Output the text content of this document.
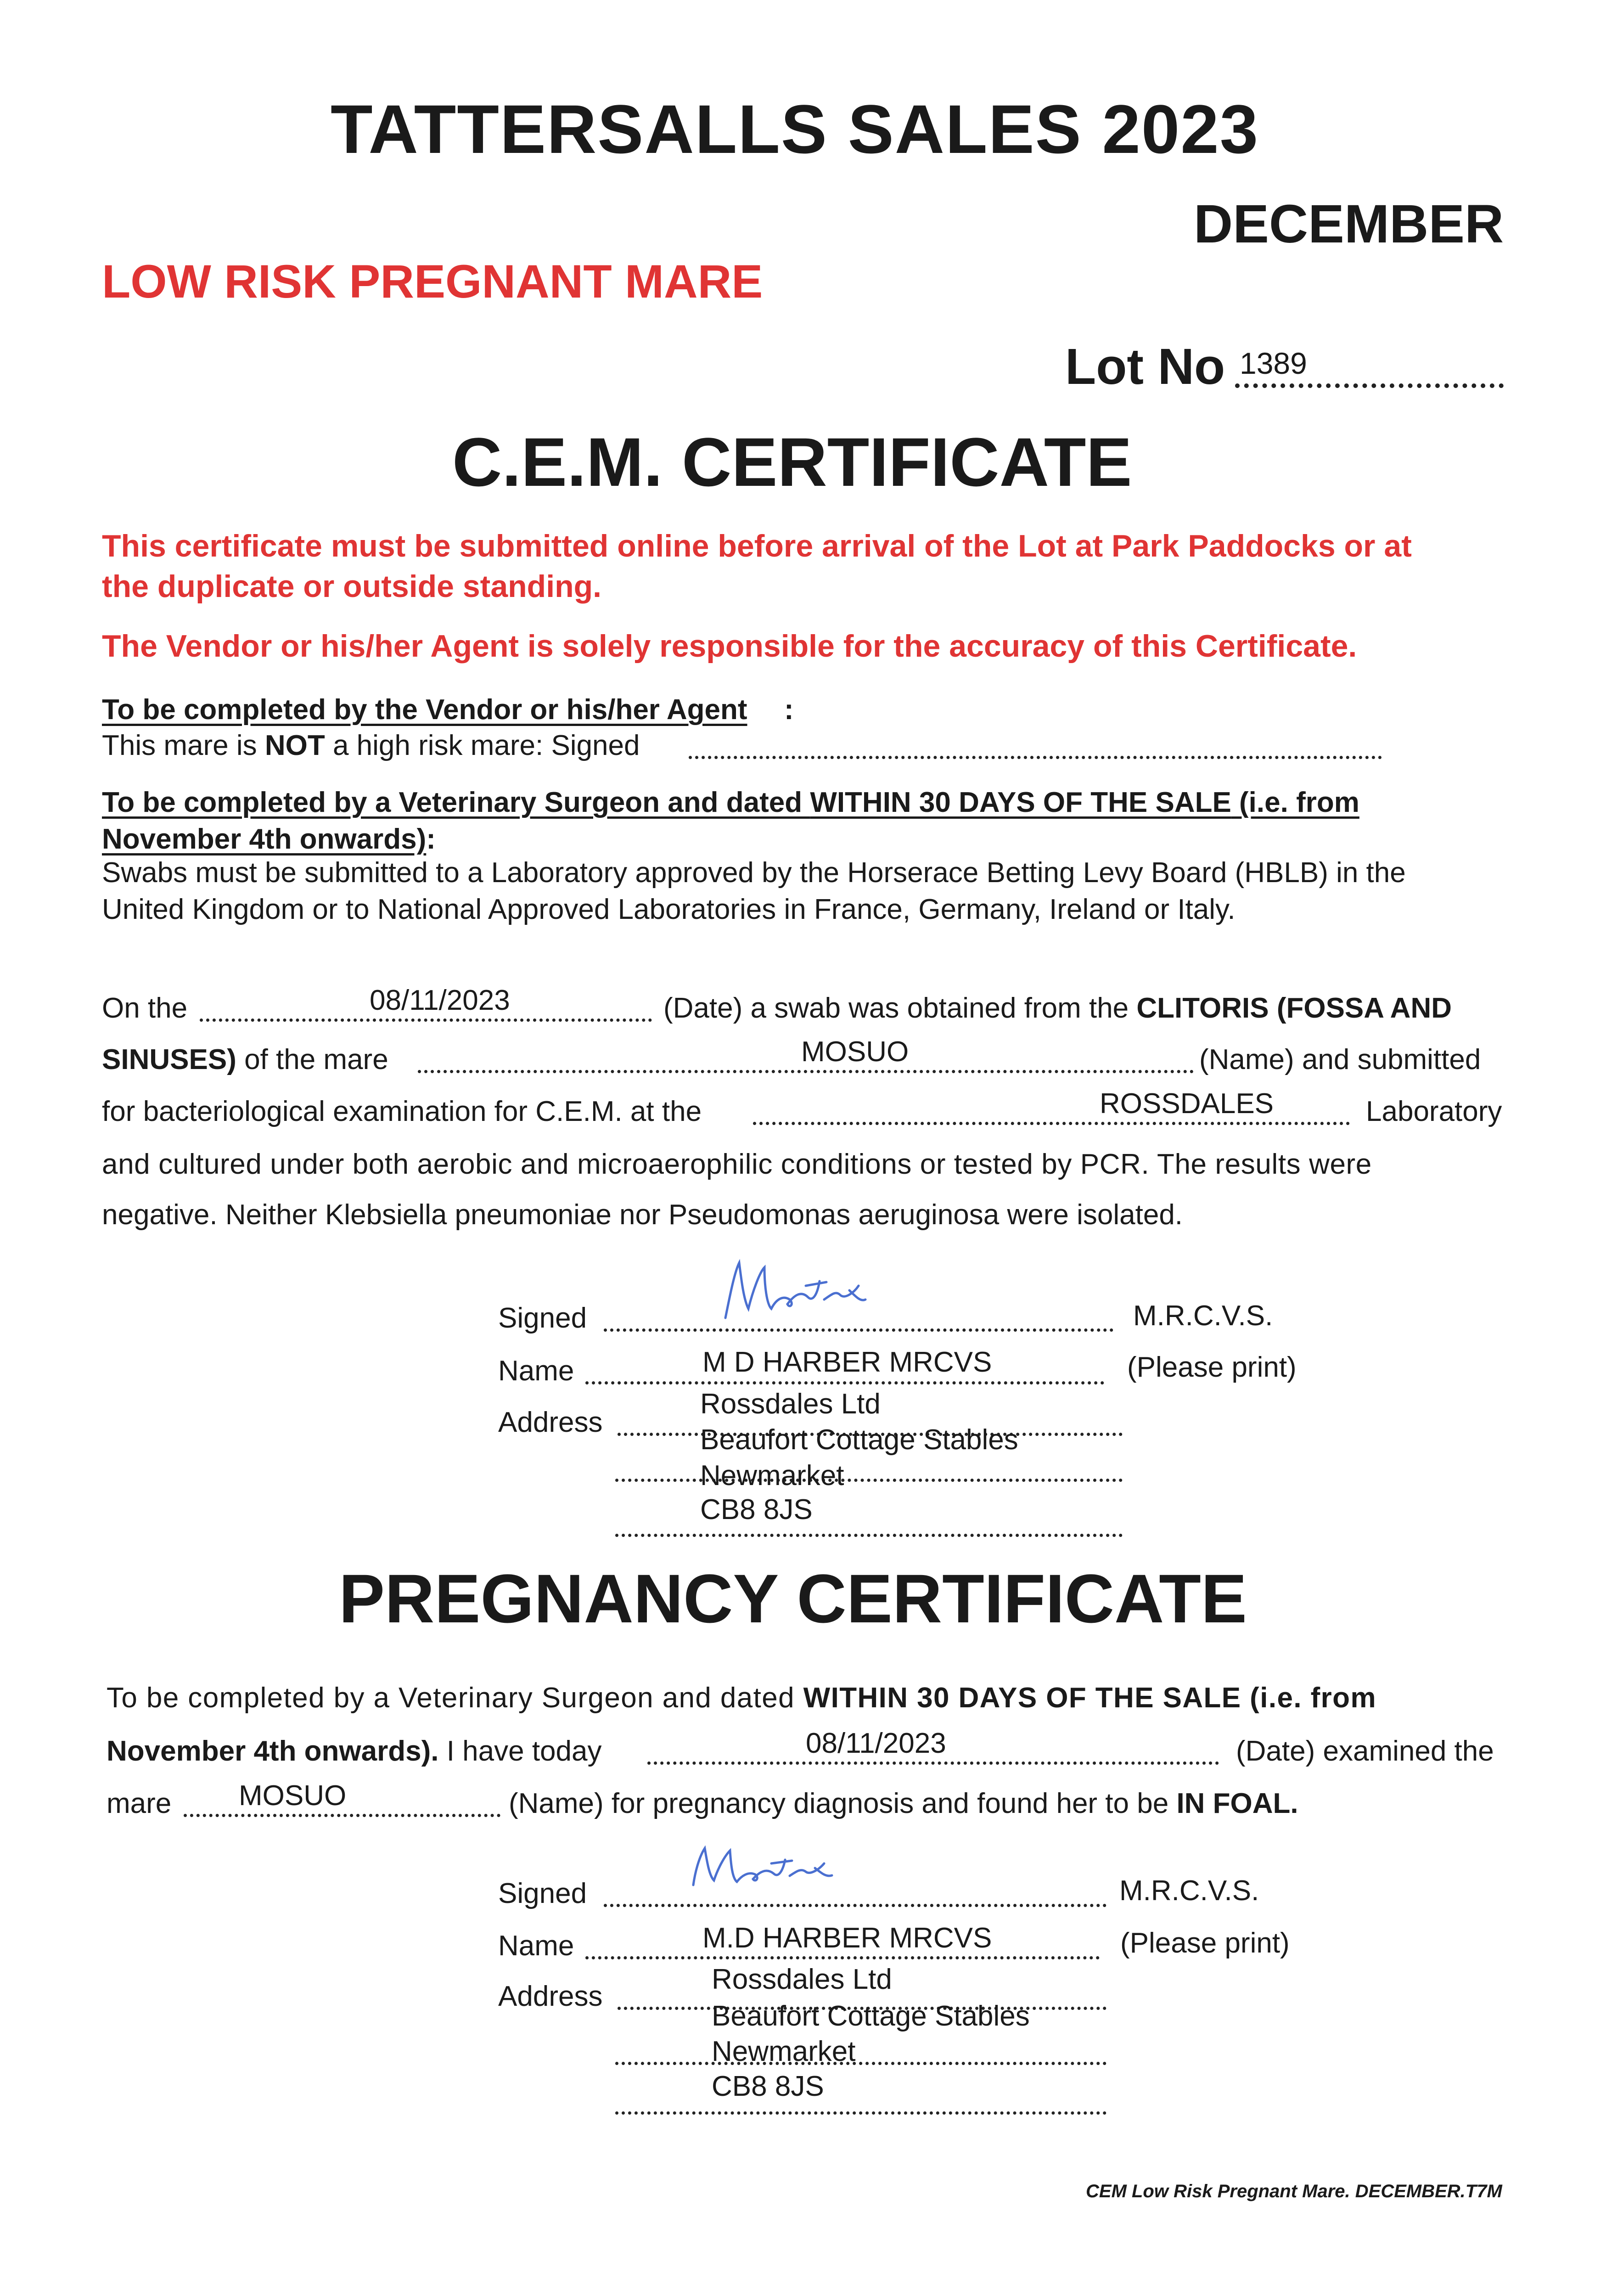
TATTERSALLS SALES 2023
DECEMBER
LOW RISK PREGNANT MARE
Lot No 1389
C.E.M. CERTIFICATE
This certificate must be submitted online before arrival of the Lot at Park Paddocks or at
the duplicate or outside standing.
The Vendor or his/her Agent is solely responsible for the accuracy of this Certificate.
To be completed by the Vendor or his/her Agent :
This mare is NOT a high risk mare: Signed
To be completed by a Veterinary Surgeon and dated WITHIN 30 DAYS OF THE SALE (i.e. from
November 4th onwards):
Swabs must be submitted to a Laboratory approved by the Horserace Betting Levy Board (HBLB) in the
United Kingdom or to National Approved Laboratories in France, Germany, Ireland or Italy.
On the	08/11/2023	(Date) a swab was obtained from the CLITORIS (FOSSA AND
SINUSES) of the mare	MOSUO	(Name) and submitted
for bacteriological examination for C.E.M. at the	ROSSDALES	Laboratory
and cultured under both aerobic and microaerophilic conditions or tested by PCR. The results were
negative. Neither Klebsiella pneumoniae nor Pseudomonas aeruginosa were isolated.
Signed	M.R.C.V.S.
Name	M D HARBER MRCVS	(Please print)
Address
Rossdales Ltd
Beaufort Cottage Stables
Newmarket
CB8 8JS
PREGNANCY CERTIFICATE
To be completed by a Veterinary Surgeon and dated WITHIN 30 DAYS OF THE SALE (i.e. from
November 4th onwards). I have today	08/11/2023	(Date) examined the
mare MOSUO	(Name) for pregnancy diagnosis and found her to be IN FOAL.
Signed	M.R.C.V.S.
Name	M.D HARBER MRCVS	(Please print)
Address
Rossdales Ltd
Beaufort Cottage Stables
Newmarket
CB8 8JS
CEM Low Risk Pregnant Mare. DECEMBER.T7M
